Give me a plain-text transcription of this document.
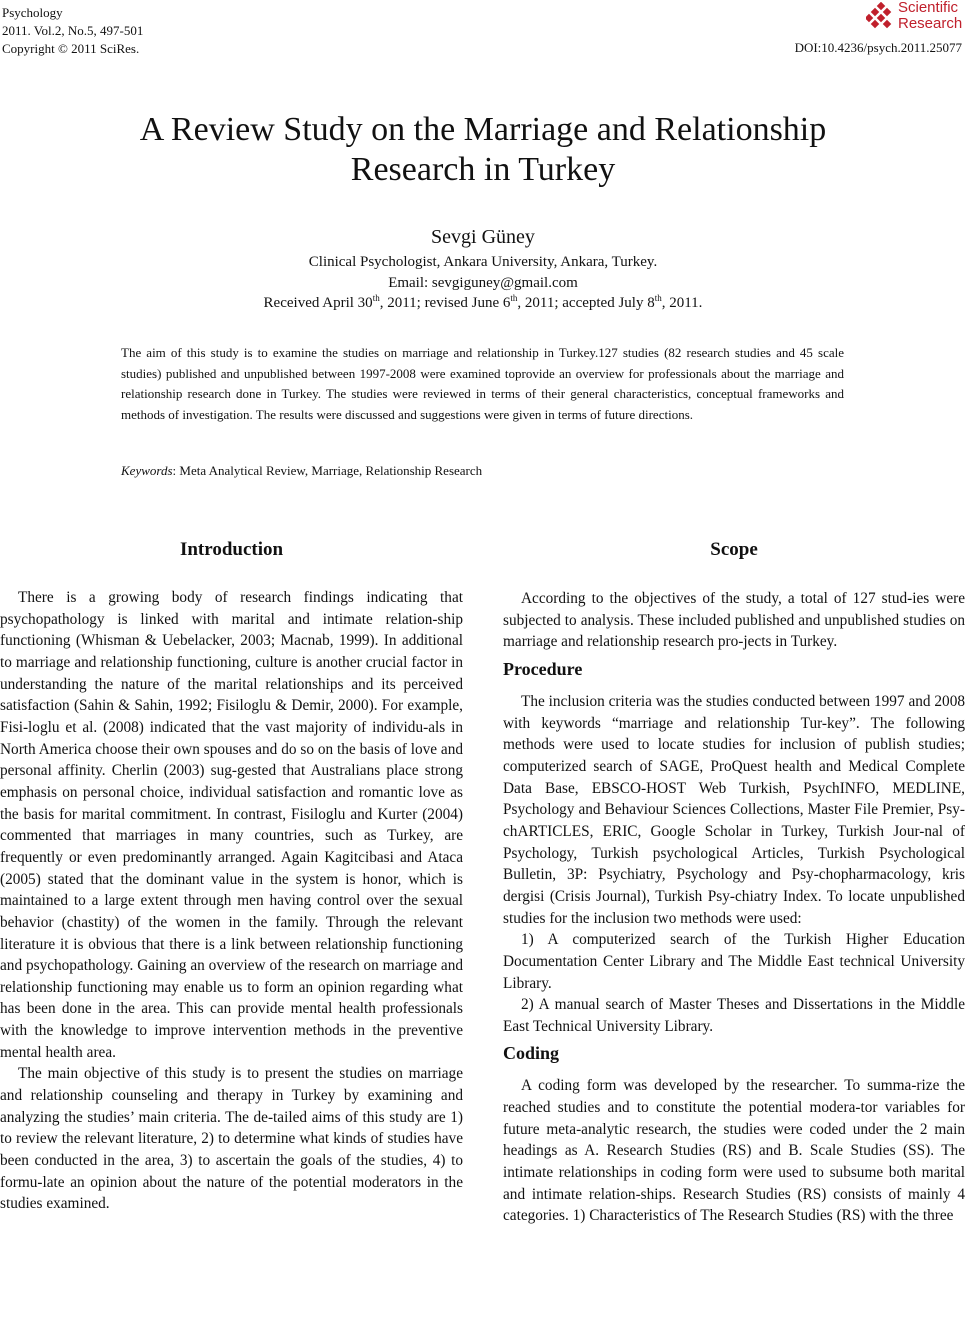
Psychology
2011. Vol.2, No.5, 497-501
Copyright © 2011 SciRes.
Scientific
Research
DOI:10.4236/psych.2011.25077
A Review Study on the Marriage and Relationship
Research in Turkey
Sevgi Güney
Clinical Psychologist, Ankara University, Ankara, Turkey.
Email: sevgiguney@gmail.com
Received April 30th, 2011; revised June 6th, 2011; accepted July 8th, 2011.
The aim of this study is to examine the studies on marriage and relationship in Turkey.127 studies (82 research studies and 45 scale studies) published and unpublished between 1997-2008 were examined toprovide an overview for professionals about the marriage and relationship research done in Turkey. The studies were reviewed in terms of their general characteristics, conceptual frameworks and methods of investigation. The results were discussed and suggestions were given in terms of future directions.
Keywords: Meta Analytical Review, Marriage, Relationship Research
Introduction

There is a growing body of research findings indicating that psychopathology is linked with marital and intimate relation-ship functioning (Whisman & Uebelacker, 2003; Macnab, 1999). In additional to marriage and relationship functioning, culture is another crucial factor in understanding the nature of the marital relationships and its perceived satisfaction (Sahin & Sahin, 1992; Fisiloglu & Demir, 2000). For example, Fisi-loglu et al. (2008) indicated that the vast majority of individu-als in North America choose their own spouses and do so on the basis of love and personal affinity. Cherlin (2003) sug-gested that Australians place strong emphasis on personal choice, individual satisfaction and romantic love as the basis for marital commitment. In contrast, Fisiloglu and Kurter (2004) commented that marriages in many countries, such as Turkey, are frequently or even predominantly arranged. Again Kagitcibasi and Ataca (2005) stated that the dominant value in the system is honor, which is maintained to a large extent through men having control over the sexual behavior (chastity) of the women in the family. Through the relevant literature it is obvious that there is a link between relationship functioning and psychopathology. Gaining an overview of the research on marriage and relationship functioning may enable us to form an opinion regarding what has been done in the area. This can provide mental health professionals with the knowledge to improve intervention methods in the preventive mental health area.

The main objective of this study is to present the studies on marriage and relationship counseling and therapy in Turkey by examining and analyzing the studies’ main criteria. The de-tailed aims of this study are 1) to review the relevant literature, 2) to determine what kinds of studies have been conducted in the area, 3) to ascertain the goals of the studies, 4) to formu-late an opinion about the nature of the potential moderators in the studies examined.

Scope

According to the objectives of the study, a total of 127 stud-ies were subjected to analysis. These included published and unpublished studies on marriage and relationship research pro-jects in Turkey.

Procedure

The inclusion criteria was the studies conducted between 1997 and 2008 with keywords “marriage and relationship Tur-key”. The following methods were used to locate studies for inclusion of publish studies; computerized search of SAGE, ProQuest health and Medical Complete Data Base, EBSCO-HOST Web Turkish, PsychINFO, MEDLINE, Psychology and Behaviour Sciences Collections, Master File Premier, Psy-chARTICLES, ERIC, Google Scholar in Turkey, Turkish Jour-nal of Psychology, Turkish psychological Articles, Turkish Psychological Bulletin, 3P: Psychiatry, Psychology and Psy-chopharmacology, kris dergisi (Crisis Journal), Turkish Psy-chiatry Index. To locate unpublished studies for the inclusion two methods were used:

1) A computerized search of the Turkish Higher Education Documentation Center Library and The Middle East technical University Library.

2) A manual search of Master Theses and Dissertations in the Middle East Technical University Library.

Coding

A coding form was developed by the researcher. To summa-rize the reached studies and to constitute the potential modera-tor variables for future meta-analytic research, the studies were coded under the 2 main headings as A. Research Studies (RS) and B. Scale Studies (SS). The intimate relationships in coding form were used to subsume both marital and intimate relation-ships. Research Studies (RS) consists of mainly 4 categories. 1) Characteristics of The Research Studies (RS) with the three
